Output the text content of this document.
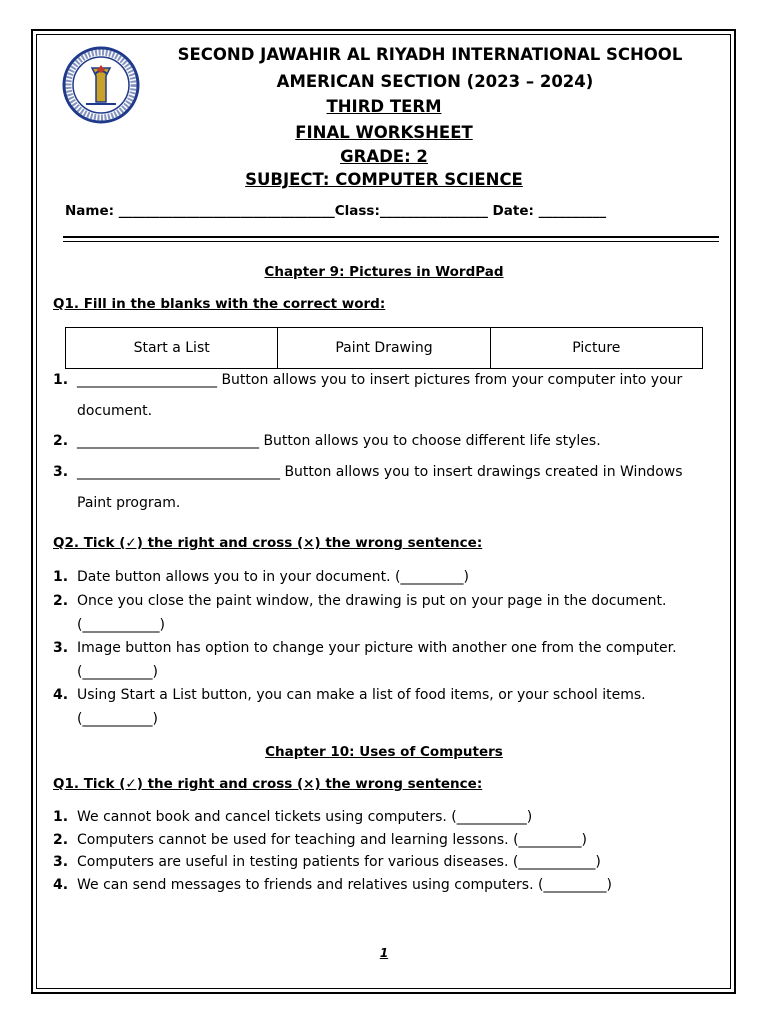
SECOND JAWAHIR AL RIYADH INTERNATIONAL SCHOOL
AMERICAN SECTION (2023 – 2024)
THIRD TERM
FINAL WORKSHEET
GRADE: 2
SUBJECT: COMPUTER SCIENCE
Name: ________________________________Class:________________ Date: __________
Chapter 9: Pictures in WordPad
Q1. Fill in the blanks with the correct word:
Start a List	Paint Drawing	Picture
1. ____________________ Button allows you to insert pictures from your computer into your document.
2. __________________________ Button allows you to choose different life styles.
3. _____________________________ Button allows you to insert drawings created in Windows Paint program.
Q2. Tick (✓) the right and cross (×) the wrong sentence:
1. Date button allows you to in your document. (_________)
2. Once you close the paint window, the drawing is put on your page in the document. (___________)
3. Image button has option to change your picture with another one from the computer. (__________)
4. Using Start a List button, you can make a list of food items, or your school items. (__________)
Chapter 10: Uses of Computers
Q1. Tick (✓) the right and cross (×) the wrong sentence:
1. We cannot book and cancel tickets using computers. (__________)
2. Computers cannot be used for teaching and learning lessons. (_________)
3. Computers are useful in testing patients for various diseases. (___________)
4. We can send messages to friends and relatives using computers. (_________)
1
